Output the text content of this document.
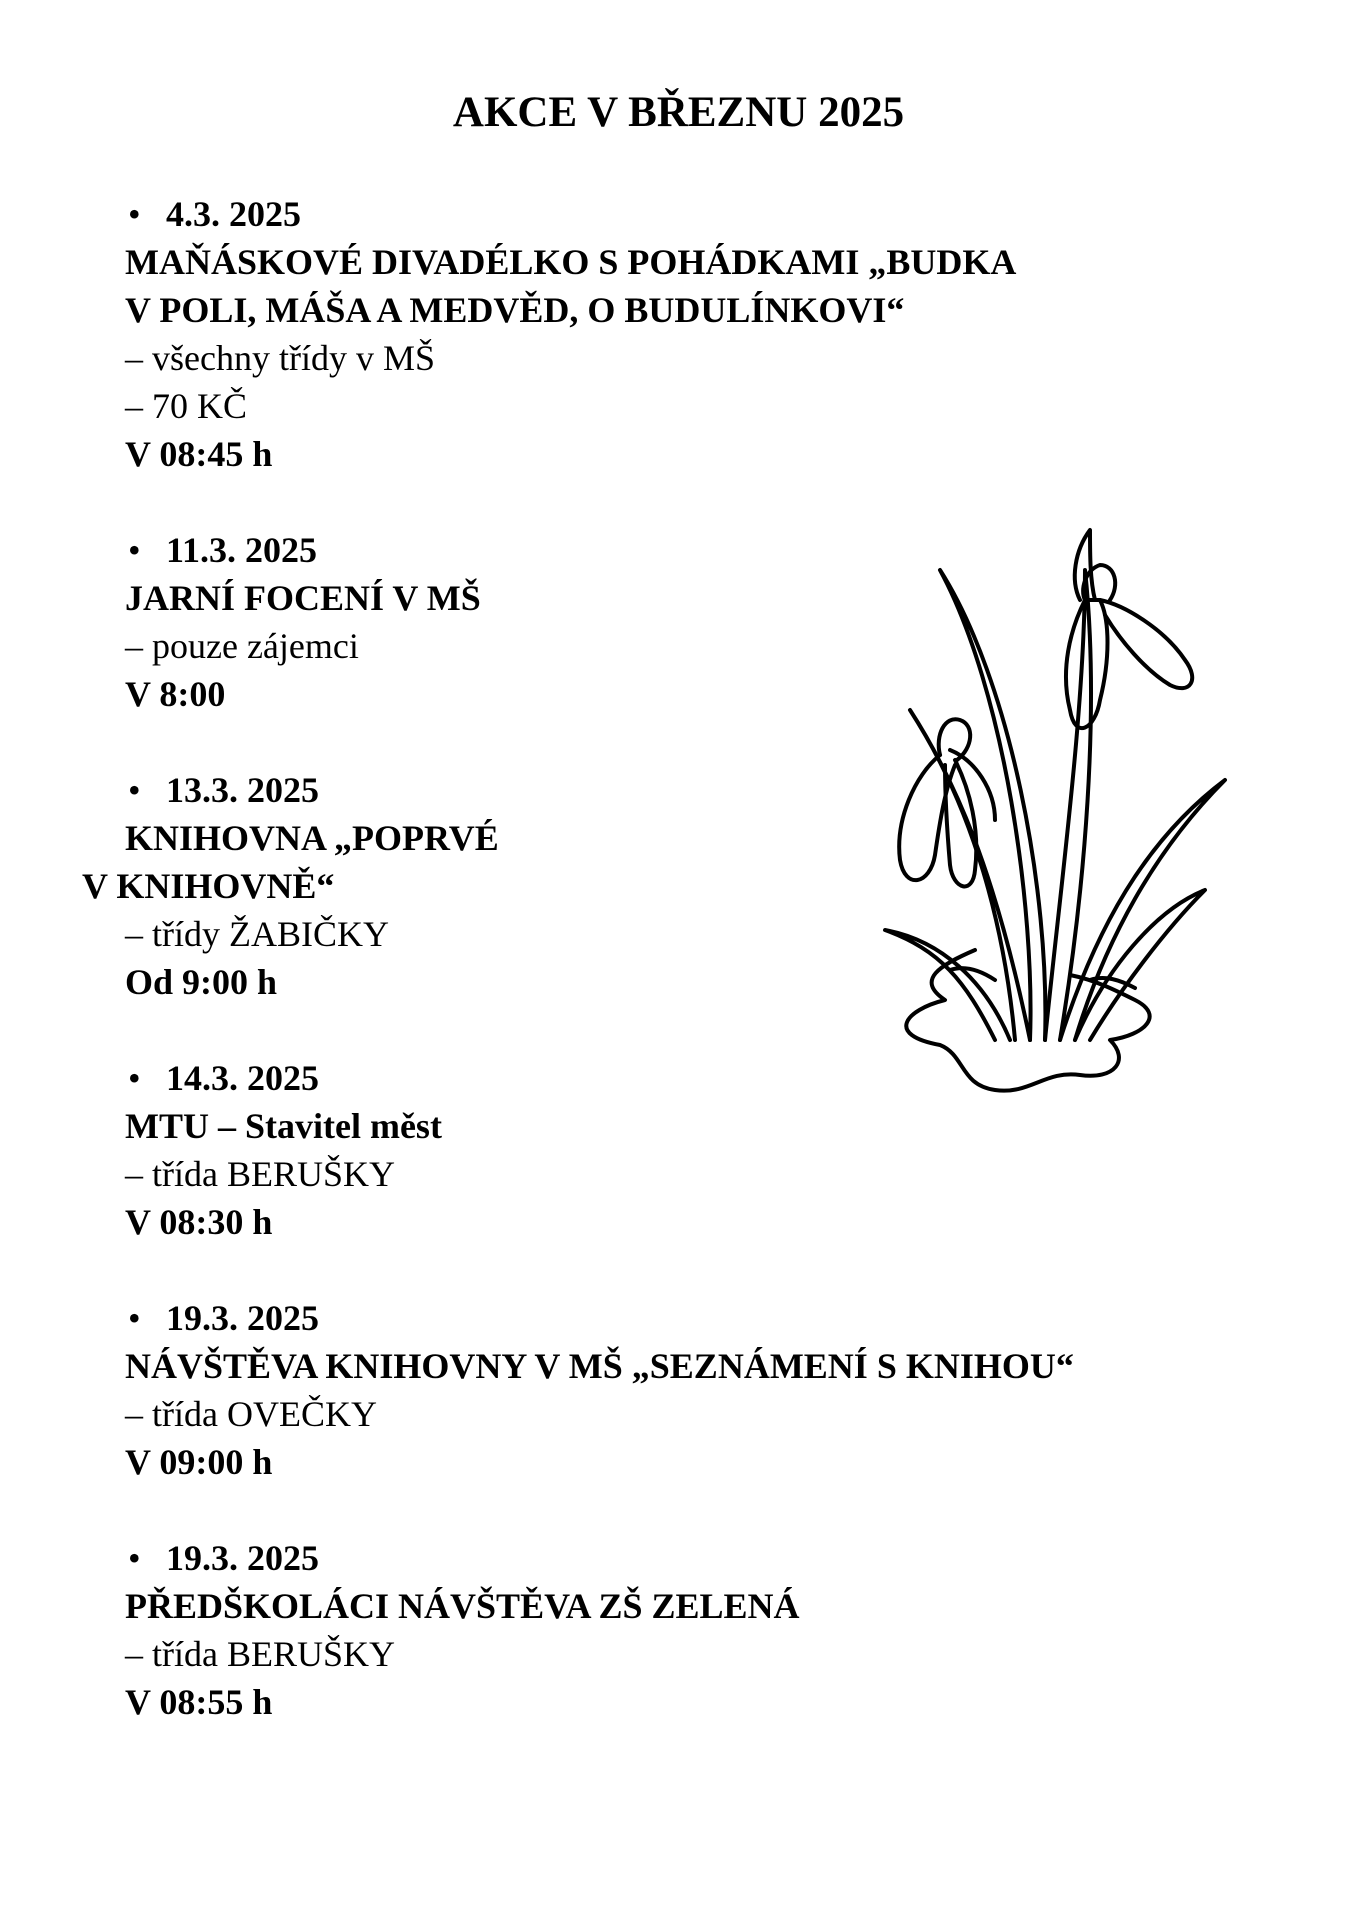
AKCE V BŘEZNU 2025

• 4.3. 2025

MAŇÁSKOVÉ DIVADÉLKO S POHÁDKAMI „BUDKA

V POLI, MÁŠA A MEDVĚD, O BUDULÍNKOVI“

– všechny třídy v MŠ

– 70 KČ

V 08:45 h

• 11.3. 2025

JARNÍ FOCENÍ V MŠ

– pouze zájemci

V 8:00

• 13.3. 2025

KNIHOVNA „POPRVÉ

V KNIHOVNĚ“

– třídy ŽABIČKY

Od 9:00 h

• 14.3. 2025

MTU – Stavitel měst

– třída BERUŠKY

V 08:30 h

• 19.3. 2025

NÁVŠTĚVA KNIHOVNY V MŠ „SEZNÁMENÍ S KNIHOU“

– třída OVEČKY

V 09:00 h

• 19.3. 2025

PŘEDŠKOLÁCI NÁVŠTĚVA ZŠ ZELENÁ

– třída BERUŠKY

V 08:55 h
